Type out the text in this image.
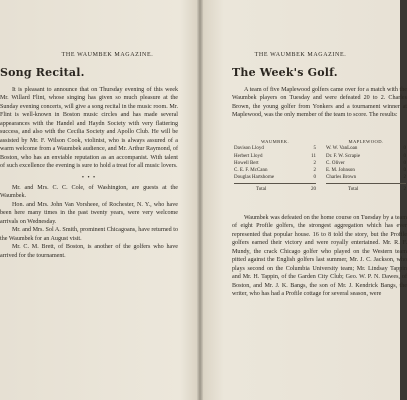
THE WAUMBEK MAGAZINE.
Song Recital.

It is pleasant to announce that on Thursday evening of this week Mr. Willard Flint, whose singing has given so much pleasure at the Sunday evening concerts, will give a song recital in the music room. Mr. Flint is well-known in Boston music circles and has made several appearances with the Handel and Haydn Society with very flattering success, and also with the Cecilia Society and Apollo Club. He will be assisted by Mr. F. Wilson Cook, violinist, who is always assured of a warm welcome from a Waumbek audience, and Mr. Arthur Raymond, of Boston, who has an enviable reputation as an accompanist. With talent of such excellence the evening is sure to hold a treat for all music lovers.

• • •

Mr. and Mrs. C. C. Cole, of Washington, are guests at the Waumbek.

Hon. and Mrs. John Van Vorsheee, of Rochester, N. Y., who have been here many times in the past twenty years, were very welcome arrivals on Wednesday.

Mr. and Mrs. Sol A. Smith, prominent Chicagoans, have returned to the Waumbek for an August visit.

Mr. C. M. Brett, of Boston, is another of the golfers who have arrived for the tournament.

THE WAUMBEK MAGAZINE.
The Week's Golf.

A team of five Maplewood golfers came over for a match with the Waumbek players on Tuesday and were defeated 20 to 2. Charles Brown, the young golfer from Yonkers and a tournament winner at Maplewood, was the only member of the team to score. The results:

WAUMBEK.
Davison Lloyd	5
Herbert Lloyd	11
Howell Bert	2
C. E. F. McCann	2
Douglas Hartshorne	0
Total	20
MAPLEWOOD.
W. W. VanLoan	0
Dr. F. W. Scrapie	0
C. Oliver	0
E. M. Johnson	0
Charles Brown	2
Total	2

Waumbek was defeated on the home course on Tuesday by a team of eight Profile golfers, the strongest aggregation which has ever represented that popular house. 16 to 8 told the story, but the Profile golfers earned their victory and were royally entertained. Mr. R. F. Mundy, the crack Chicago golfer who played on the Western team pitted against the English golfers last summer, Mr. J. C. Jackson, who plays second on the Columbia University team; Mr. Lindsay Tappin and Mr. H. Tappin, of the Garden City Club; Geo. W. P. N. Dawes, of Boston, and Mr. J. K. Bangs, the son of Mr. J. Kendrick Bangs, the writer, who has had a Profile cottage for several season, were
